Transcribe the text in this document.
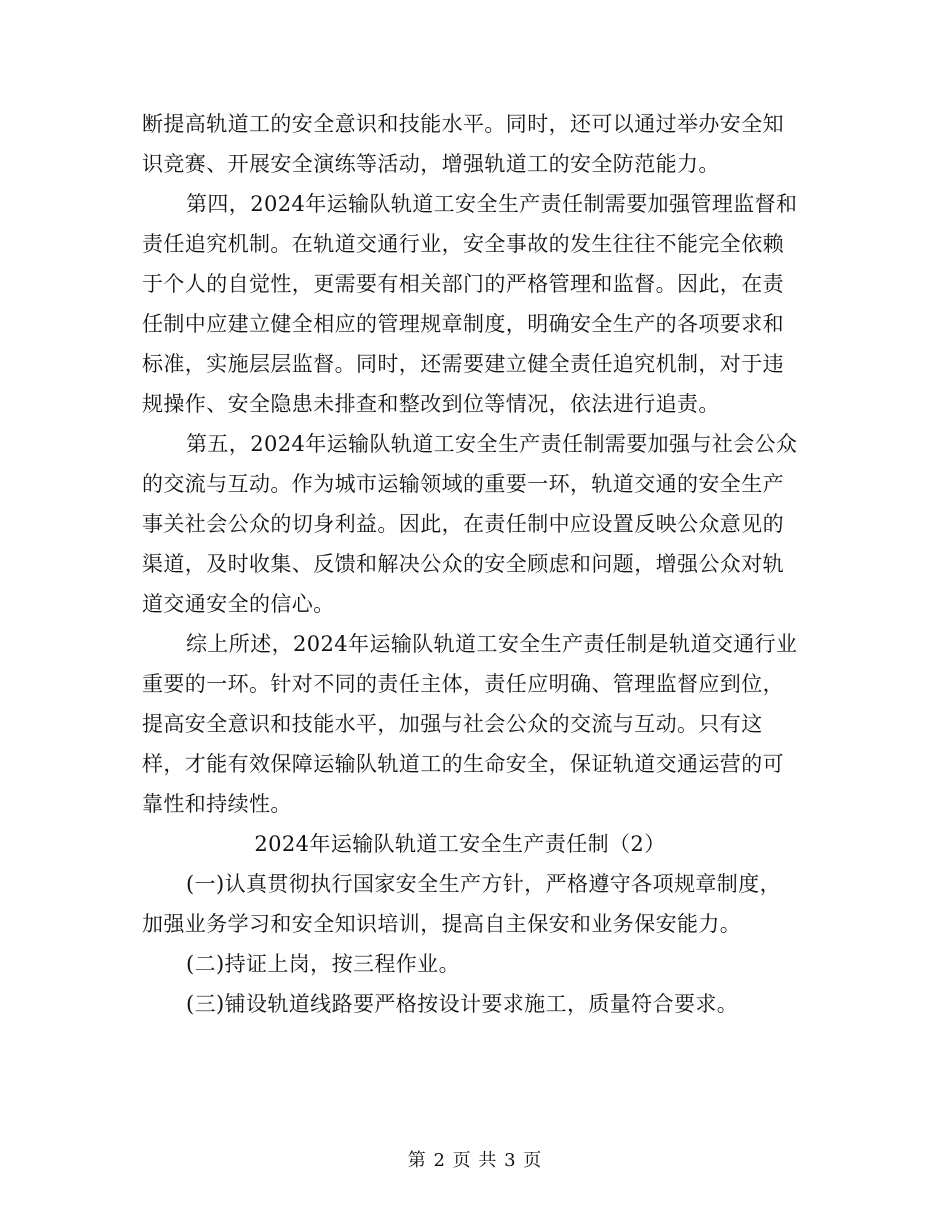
断提高轨道工的安全意识和技能水平。同时，还可以通过举办安全知
识竞赛、开展安全演练等活动，增强轨道工的安全防范能力。
第四，2024年运输队轨道工安全生产责任制需要加强管理监督和
责任追究机制。在轨道交通行业，安全事故的发生往往不能完全依赖
于个人的自觉性，更需要有相关部门的严格管理和监督。因此，在责
任制中应建立健全相应的管理规章制度，明确安全生产的各项要求和
标准，实施层层监督。同时，还需要建立健全责任追究机制，对于违
规操作、安全隐患未排查和整改到位等情况，依法进行追责。
第五，2024年运输队轨道工安全生产责任制需要加强与社会公众
的交流与互动。作为城市运输领域的重要一环，轨道交通的安全生产
事关社会公众的切身利益。因此，在责任制中应设置反映公众意见的
渠道，及时收集、反馈和解决公众的安全顾虑和问题，增强公众对轨
道交通安全的信心。
综上所述，2024年运输队轨道工安全生产责任制是轨道交通行业
重要的一环。针对不同的责任主体，责任应明确、管理监督应到位，
提高安全意识和技能水平，加强与社会公众的交流与互动。只有这
样，才能有效保障运输队轨道工的生命安全，保证轨道交通运营的可
靠性和持续性。
2024年运输队轨道工安全生产责任制（2）
(一)认真贯彻执行国家安全生产方针，严格遵守各项规章制度，
加强业务学习和安全知识培训，提高自主保安和业务保安能力。
(二)持证上岗，按三程作业。
(三)铺设轨道线路要严格按设计要求施工，质量符合要求。
第 2 页 共 3 页
